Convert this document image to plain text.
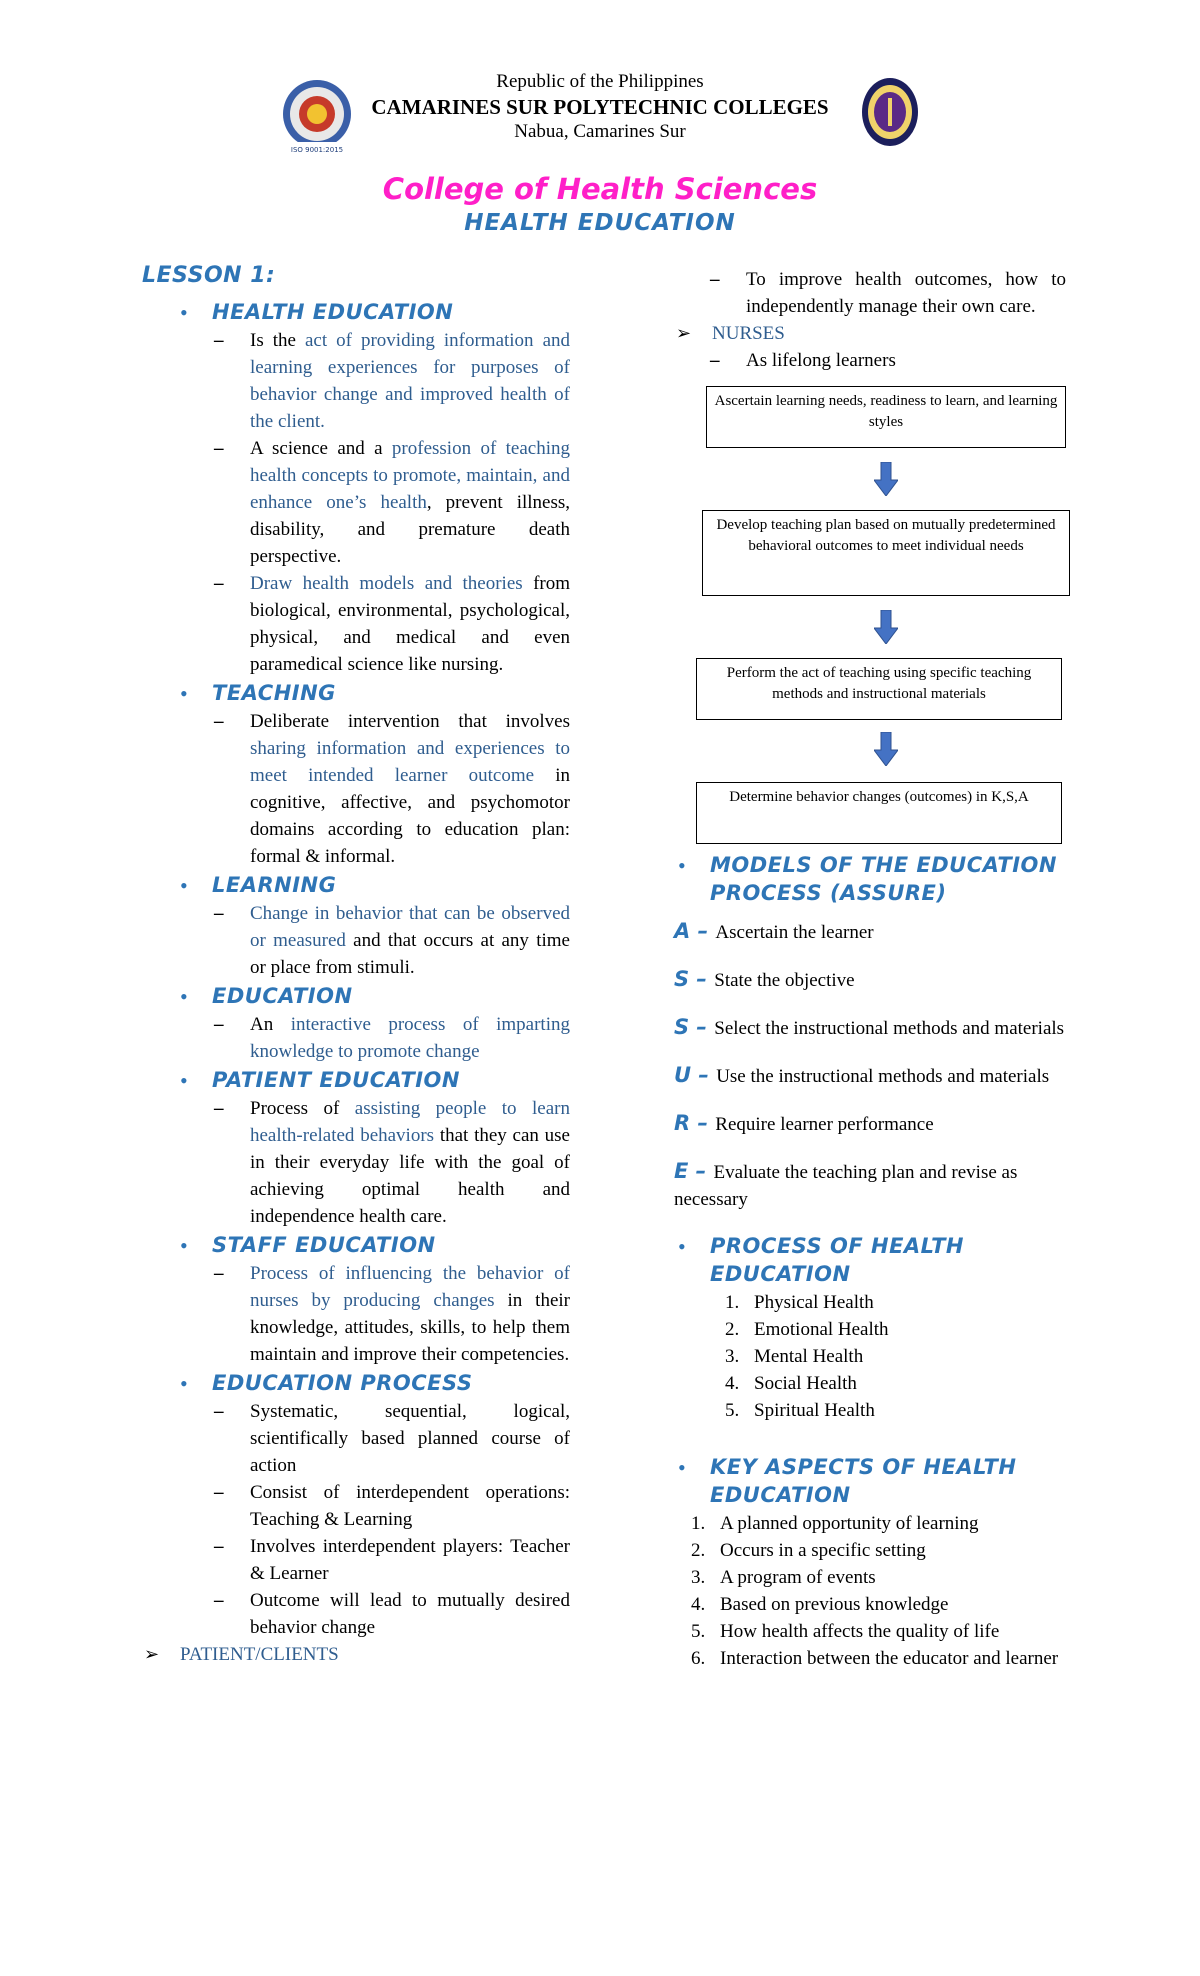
ISO 9001:2015
Republic of the Philippines
CAMARINES SUR POLYTECHNIC COLLEGES
Nabua, Camarines Sur
College of Health Sciences
HEALTH EDUCATION
LESSON 1:
• HEALTH EDUCATION
– Is the act of providing information and learning experiences for purposes of behavior change and improved health of the client.
– A science and a profession of teaching health concepts to promote, maintain, and enhance one’s health, prevent illness, disability, and premature death perspective.
– Draw health models and theories from biological, environmental, psychological, physical, and medical and even paramedical science like nursing.
• TEACHING
– Deliberate intervention that involves sharing information and experiences to meet intended learner outcome in cognitive, affective, and psychomotor domains according to education plan: formal & informal.
• LEARNING
– Change in behavior that can be observed or measured and that occurs at any time or place from stimuli.
• EDUCATION
– An interactive process of imparting knowledge to promote change
• PATIENT EDUCATION
– Process of assisting people to learn health-related behaviors that they can use in their everyday life with the goal of achieving optimal health and independence health care.
• STAFF EDUCATION
– Process of influencing the behavior of nurses by producing changes in their knowledge, attitudes, skills, to help them maintain and improve their competencies.
• EDUCATION PROCESS
– Systematic, sequential, logical, scientifically based planned course of action
– Consist of interdependent operations: Teaching & Learning
– Involves interdependent players: Teacher & Learner
– Outcome will lead to mutually desired behavior change
➢ PATIENT/CLIENTS
– To improve health outcomes, how to independently manage their own care.
➢ NURSES
– As lifelong learners
Ascertain learning needs, readiness to learn, and learning styles
Develop teaching plan based on mutually predetermined behavioral outcomes to meet individual needs
Perform the act of teaching using specific teaching methods and instructional materials
Determine behavior changes (outcomes) in K,S,A
• MODELS OF THE EDUCATION PROCESS (ASSURE)
A – Ascertain the learner
S – State the objective
S – Select the instructional methods and materials
U – Use the instructional methods and materials
R – Require learner performance
E – Evaluate the teaching plan and revise as necessary
• PROCESS OF HEALTH EDUCATION
1. Physical Health
2. Emotional Health
3. Mental Health
4. Social Health
5. Spiritual Health
• KEY ASPECTS OF HEALTH EDUCATION
1. A planned opportunity of learning
2. Occurs in a specific setting
3. A program of events
4. Based on previous knowledge
5. How health affects the quality of life
6. Interaction between the educator and learner
